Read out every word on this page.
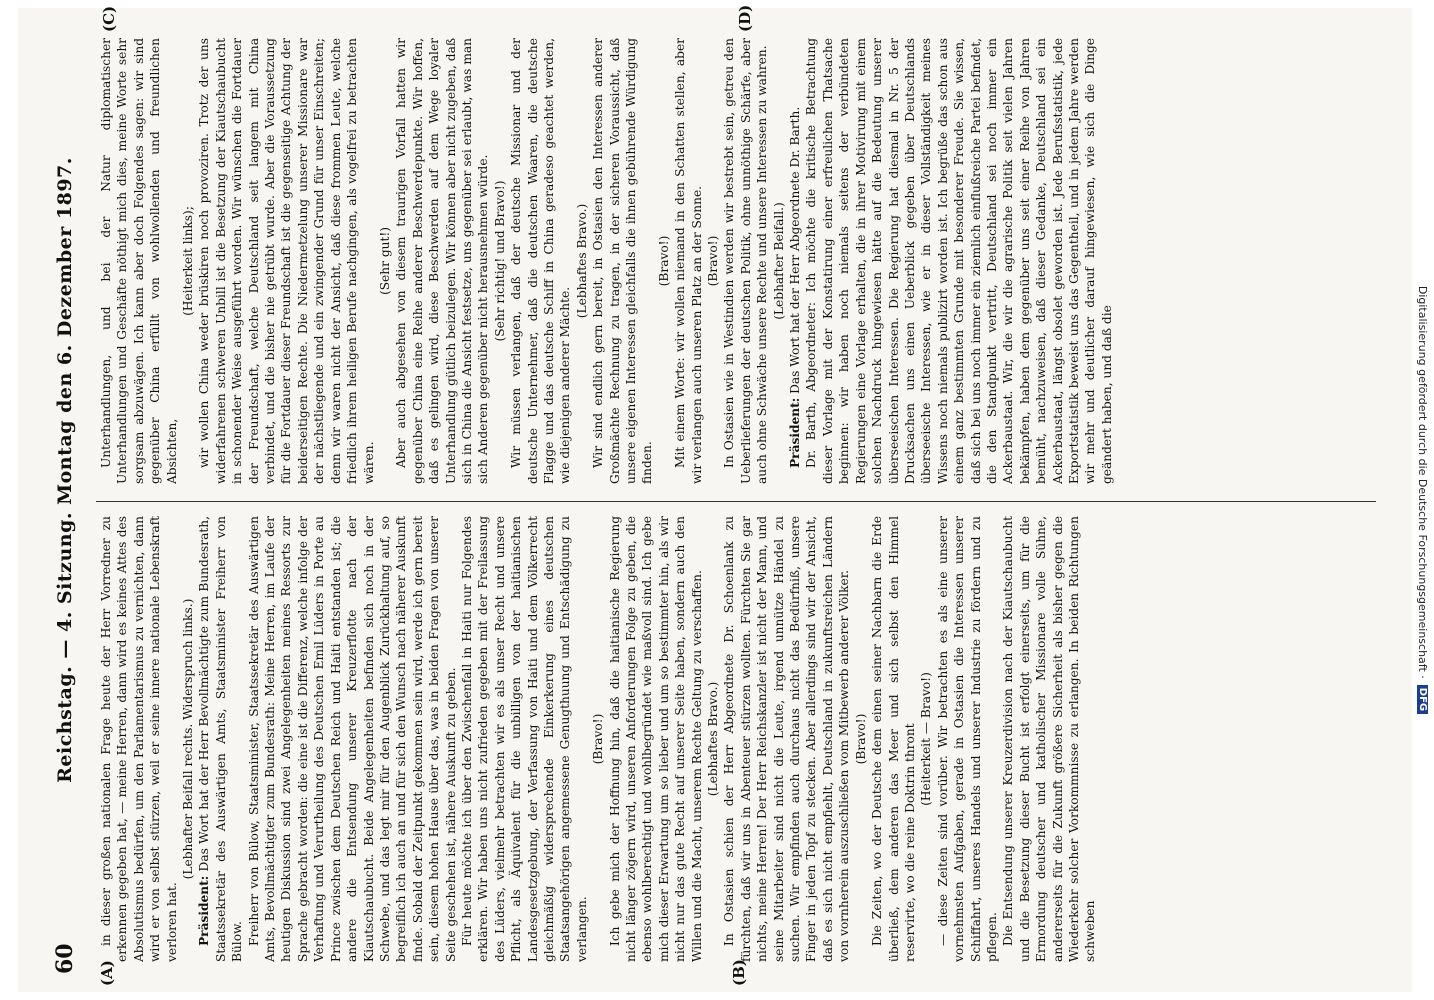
60
Reichstag. — 4. Sitzung. Montag den 6. Dezember 1897.
(A)	(B)
(C)	(D)

in dieser großen nationalen Frage heute der Herr Vorredner zu erkennen gegeben hat, — meine Herren, dann wird es keines Attes des Absolutismus bedürfen, um den Parlamentarismus zu vernichten, dann wird er von selbst stürzen, weil er seine innere nationale Lebenskraft verloren hat.

(Lebhafter Beifall rechts. Widerspruch links.)

Präsident: Das Wort hat der Herr Bevollmächtigte zum Bundesrath, Staatssekretär des Auswärtigen Amts, Staatsminister Freiherr von Bülow. Freiherr von Bülow, Staatsminister, Staatssekretär des Auswärtigen Amts, Bevollmächtigter zum Bundesrath: Meine Herren, im Laufe der heutigen Diskussion sind zwei Angelegenheiten meines Ressorts zur Sprache gebracht worden: die eine ist die Differenz, welche infolge der Verhaftung und Verurtheilung des Deutschen Emil Lüders in Porte au Prince zwischen dem Deutschen Reich und Haiti entstanden ist; die andere die Entsendung unserer Kreuzerflotte nach der Kiautschaubucht. Beide Angelegenheiten befinden sich noch in der Schwebe, und das legt mir für den Augenblick Zurückhaltung auf, so begreiflich ich auch an und für sich den Wunsch nach näherer Auskunft finde. Sobald der Zeitpunkt gekommen sein wird, werde ich gern bereit sein, diesem hohen Hause über das, was in beiden Fragen von unserer Seite geschehen ist, nähere Auskunft zu geben. Für heute möchte ich über den Zwischenfall in Haiti nur Folgendes erklären. Wir haben uns nicht zufrieden gegeben mit der Freilassung des Lüders, vielmehr betrachten wir es als unser Recht und unsere Pflicht, als Äquivalent für die unbilligen von der haitianischen Landesgesetzgebung, der Verfassung von Haiti und dem Völkerrecht gleichmäßig widersprechende Einkerkerung eines deutschen Staatsangehörigen angemessene Genugthuung und Entschädigung zu verlangen.

(Bravo!) Ich gebe mich der Hoffnung hin, daß die haitianische Regierung nicht länger zögern wird, unseren Anforderungen Folge zu geben, die ebenso wohlberechtigt und wohlbegründet wie maßvoll sind. Ich gebe mich dieser Erwartung um so lieber und um so bestimmter hin, als wir nicht nur das gute Recht auf unserer Seite haben, sondern auch den Willen und die Macht, unserem Rechte Geltung zu verschaffen. (Lebhaftes Bravo.) In Ostasien schien der Herr Abgeordnete Dr. Schoenlank zu fürchten, daß wir uns in Abenteuer stürzen wollten. Fürchten Sie gar nichts, meine Herren! Der Herr Reichskanzler ist nicht der Mann, und seine Mitarbeiter sind nicht die Leute, irgend unnütze Händel zu suchen. Wir empfinden auch durchaus nicht das Bedürfniß, unsere Finger in jeden Topf zu stecken. Aber allerdings sind wir der Ansicht, daß es sich nicht empfiehlt, Deutschland in zukunftsreichen Ländern von vornherein auszuschließen vom Mitbewerb anderer Völker. (Bravo!) Die Zeiten, wo der Deutsche dem einen seiner Nachbarn die Erde überließ, dem anderen das Meer und sich selbst den Himmel reservirte, wo die reine Doktrin thront (Heiterkeit — Bravo!) — diese Zeiten sind vorüber. Wir betrachten es als eine unserer vornehmsten Aufgaben, gerade in Ostasien die Interessen unserer Schiffahrt, unseres Handels und unserer Industrie zu fördern und zu pflegen. Die Entsendung unserer Kreuzerdivision nach der Kiautschaubucht und die Besetzung dieser Bucht ist erfolgt einerseits, um für die Ermordung deutscher und katholischer Missionare volle Sühne, andererseits für die Zukunft größere Sicherheit als bisher gegen die Wiederkehr solcher Vorkommnisse zu erlangen. In beiden Richtungen schweben

Unterhandlungen, und bei der Natur diplomatischer Unterhandlungen und Geschäfte nöthigt mich dies, meine Worte sehr sorgsam abzuwägen. Ich kann aber doch Folgendes sagen: wir sind gegenüber China erfüllt von wohlwollenden und freundlichen Absichten,

(Heiterkeit links); wir wollen China weder brüskiren noch provoziren. Trotz der uns widerfahrenen schweren Unbill ist die Besetzung der Kiautschaubucht in schonender Weise ausgeführt worden. Wir wünschen die Fortdauer der Freundschaft, welche Deutschland seit langem mit China verbindet, und die bisher nie getrübt wurde. Aber die Voraussetzung für die Fortdauer dieser Freundschaft ist die gegenseitige Achtung der beiderseitigen Rechte. Die Niedermetzelung unserer Missionare war der nächstliegende und ein zwingender Grund für unser Einschreiten; denn wir waren nicht der Ansicht, daß diese frommen Leute, welche friedlich ihrem heiligen Berufe nachgingen, als vogelfrei zu betrachten wären.

(Sehr gut!) Aber auch abgesehen von diesem traurigen Vorfall hatten wir gegenüber China eine Reihe anderer Beschwerdepunkte. Wir hoffen, daß es gelingen wird, diese Beschwerden auf dem Wege loyaler Unterhandlung gütlich beizulegen. Wir können aber nicht zugeben, daß sich in China die Ansicht festsetze, uns gegenüber sei erlaubt, was man sich Anderen gegenüber nicht herausnehmen würde. (Sehr richtig! und Bravo!) Wir müssen verlangen, daß der deutsche Missionar und der deutsche Unternehmer, daß die deutschen Waaren, die deutsche Flagge und das deutsche Schiff in China geradeso geachtet werden, wie diejenigen anderer Mächte.

(Lebhaftes Bravo.) Wir sind endlich gern bereit, in Ostasien den Interessen anderer Großmächte Rechnung zu tragen, in der sicheren Voraussicht, daß unsere eigenen Interessen gleichfalls die ihnen gebührende Würdigung finden.

(Bravo!) Mit einem Worte: wir wollen niemand in den Schatten stellen, aber wir verlangen auch unseren Platz an der Sonne. (Bravo!) In Ostasien wie in Westindien werden wir bestrebt sein, getreu den Ueberlieferungen der deutschen Politik, ohne unnöthige Schärfe, aber auch ohne Schwäche unsere Rechte und unsere Interessen zu wahren. (Lebhafter Beifall.)

Präsident: Das Wort hat der Herr Abgeordnete Dr. Barth. Dr. Barth, Abgeordneter: Ich möchte die kritische Betrachtung dieser Vorlage mit der Konstatirung einer erfreulichen Thatsache beginnen: wir haben noch niemals seitens der verbündeten Regierungen eine Vorlage erhalten, die in ihrer Motivirung mit einem solchen Nachdruck hingewiesen hätte auf die Bedeutung unserer überseeischen Interessen. Die Regierung hat diesmal in Nr. 5 der Drucksachen uns einen Ueberblick gegeben über Deutschlands überseeische Interessen, wie er in dieser Vollständigkeit meines Wissens noch niemals publizirt worden ist. Ich begrüße das schon aus einem ganz bestimmten Grunde mit besonderer Freude. Sie wissen, daß sich bei uns noch immer ein ziemlich einflußreiche Partei befindet, die den Standpunkt vertritt, Deutschland sei noch immer ein Ackerbaustaat. Wir, die wir die agrarische Politik seit vielen Jahren bekämpfen, haben dem gegenüber uns seit einer Reihe von Jahren bemüht, nachzuweisen, daß dieser Gedanke, Deutschland sei ein Ackerbaustaat, längst obsolet geworden ist. Jede Berufsstatistik, jede Exportstatistik beweist uns das Gegentheil, und in jedem Jahre werden wir mehr und deutlicher darauf hingewiesen, wie sich die Dinge geändert haben, und daß die	Digitalisierung gefördert durch die Deutsche Forschungsgemeinschaft ·
DFG
